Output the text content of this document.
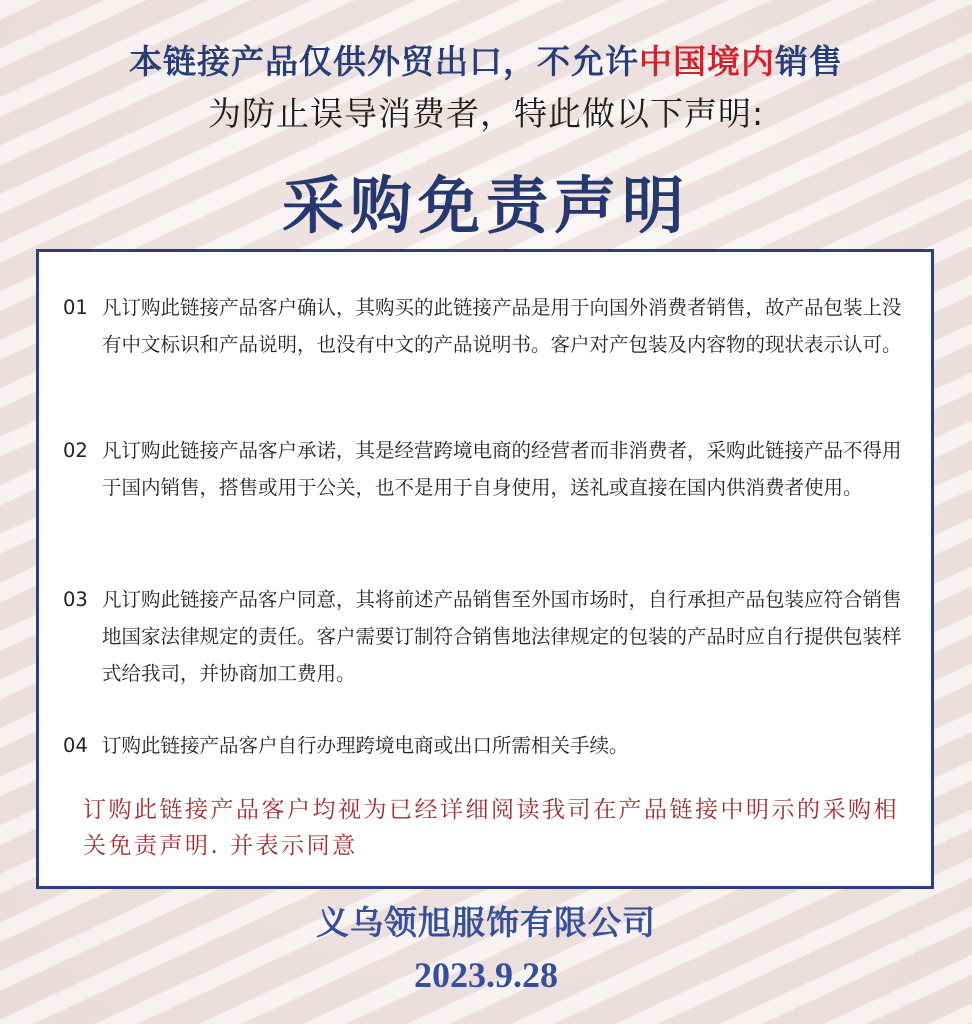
本链接产品仅供外贸出口，不允许中国境内销售
为防止误导消费者，特此做以下声明:
采购免责声明
01 凡订购此链接产品客户确认，其购买的此链接产品是用于向国外消费者销售，故产品包装上没有中文标识和产品说明，也没有中文的产品说明书。客户对产包装及内容物的现状表示认可。
02 凡订购此链接产品客户承诺，其是经营跨境电商的经营者而非消费者，采购此链接产品不得用于国内销售，搭售或用于公关，也不是用于自身使用，送礼或直接在国内供消费者使用。
03 凡订购此链接产品客户同意，其将前述产品销售至外国市场时，自行承担产品包装应符合销售地国家法律规定的责任。客户需要订制符合销售地法律规定的包装的产品时应自行提供包装样式给我司，并协商加工费用。
04 订购此链接产品客户自行办理跨境电商或出口所需相关手续。
订购此链接产品客户均视为已经详细阅读我司在产品链接中明示的采购相关免责声明. 并表示同意
义乌领旭服饰有限公司
2023.9.28
